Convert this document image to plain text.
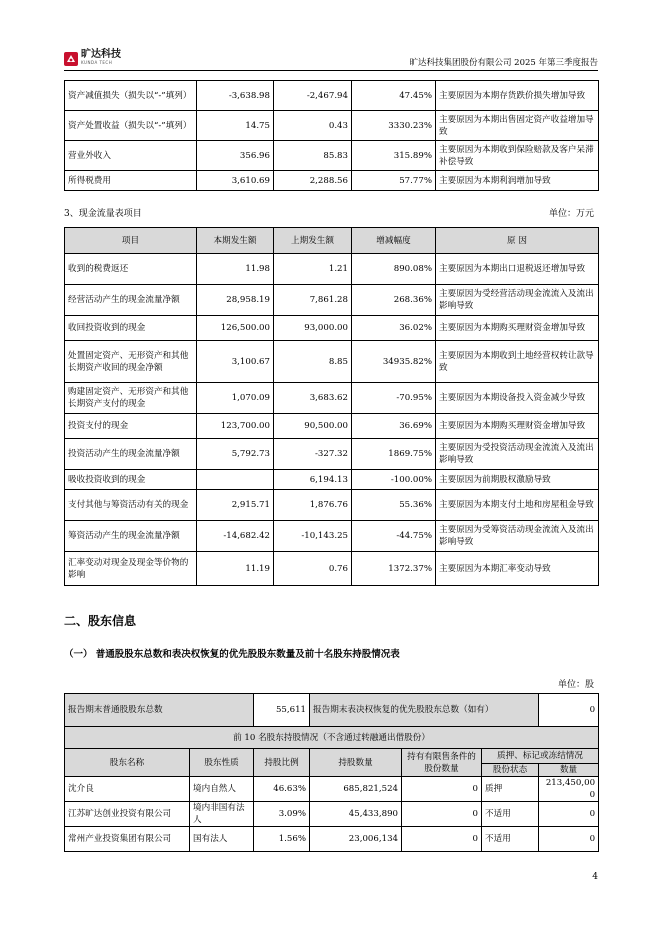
旷达科技
KUNDA TECH	旷达科技集团股份有限公司 2025 年第三季度报告
资产减值损失（损失以“-”填列）	-3,638.98	-2,467.94	47.45%	主要原因为本期存货跌价损失增加导致
资产处置收益（损失以“-”填列）	14.75	0.43	3330.23%	主要原因为本期出售固定资产收益增加导致
营业外收入	356.96	85.83	315.89%	主要原因为本期收到保险赔款及客户呆滞补偿导致
所得税费用	3,610.69	2,288.56	57.77%	主要原因为本期利润增加导致
3、现金流量表项目	单位：万元
项目	本期发生额	上期发生额	增减幅度	原 因
收到的税费返还	11.98	1.21	890.08%	主要原因为本期出口退税返还增加导致
经营活动产生的现金流量净额	28,958.19	7,861.28	268.36%	主要原因为受经营活动现金流流入及流出影响导致
收回投资收到的现金	126,500.00	93,000.00	36.02%	主要原因为本期购买理财资金增加导致
处置固定资产、无形资产和其他长期资产收回的现金净额	3,100.67	8.85	34935.82%	主要原因为本期收到土地经营权转让款导致
购建固定资产、无形资产和其他长期资产支付的现金	1,070.09	3,683.62	-70.95%	主要原因为本期设备投入资金减少导致
投资支付的现金	123,700.00	90,500.00	36.69%	主要原因为本期购买理财资金增加导致
投资活动产生的现金流量净额	5,792.73	-327.32	1869.75%	主要原因为受投资活动现金流流入及流出影响导致
吸收投资收到的现金		6,194.13	-100.00%	主要原因为前期股权激励导致
支付其他与筹资活动有关的现金	2,915.71	1,876.76	55.36%	主要原因为本期支付土地和房屋租金导致
筹资活动产生的现金流量净额	-14,682.42	-10,143.25	-44.75%	主要原因为受筹资活动现金流流入及流出影响导致
汇率变动对现金及现金等价物的影响	11.19	0.76	1372.37%	主要原因为本期汇率变动导致
二、股东信息
（一） 普通股股东总数和表决权恢复的优先股股东数量及前十名股东持股情况表
单位：股
报告期末普通股股东总数		55,611	报告期末表决权恢复的优先股股东总数（如有）			0
前 10 名股东持股情况（不含通过转融通出借股份）						
股东名称	股东性质	持股比例	持股数量	持有有限售条件的股份数量	质押、标记或冻结情况	
					股份状态	数量
沈介良	境内自然人	46.63%	685,821,524	0	质押	213,450,000
江苏旷达创业投资有限公司	境内非国有法人	3.09%	45,433,890	0	不适用	0
常州产业投资集团有限公司	国有法人	1.56%	23,006,134	0	不适用	0
4
